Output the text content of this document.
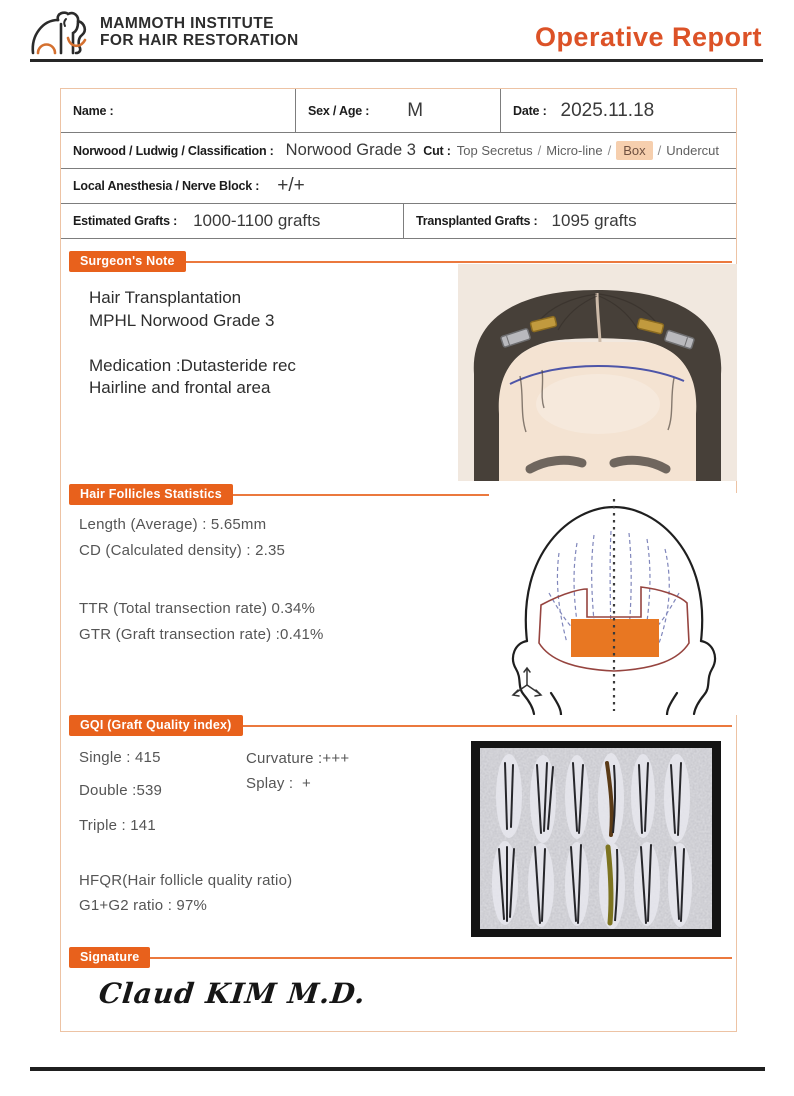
MAMMOTH INSTITUTE
FOR HAIR RESTORATION	Operative Report
Name :	Sex / Age : M	Date : 2025.11.18
Norwood / Ludwig / Classification : Norwood Grade 3 Cut : Top Secretus / Micro-line / Box / Undercut
Local Anesthesia / Nerve Block : +/+
Estimated Grafts : 1000-1100 grafts	Transplanted Grafts : 1095 grafts
Surgeon's Note
Hair Transplantation
MPHL Norwood Grade 3
Medication :Dutasteride rec
Hairline and frontal area
Hair Follicles Statistics
Length (Average) : 5.65mm
CD (Calculated density) : 2.35
TTR (Total transection rate) 0.34%
GTR (Graft transection rate) :0.41%
GQI (Graft Quality index)
Single : 415
Double :539
Triple : 141
Curvature :+++
Splay :  +
HFQR(Hair follicle quality ratio)
G1+G2 ratio : 97%
Signature
Claud KIM M.D.
